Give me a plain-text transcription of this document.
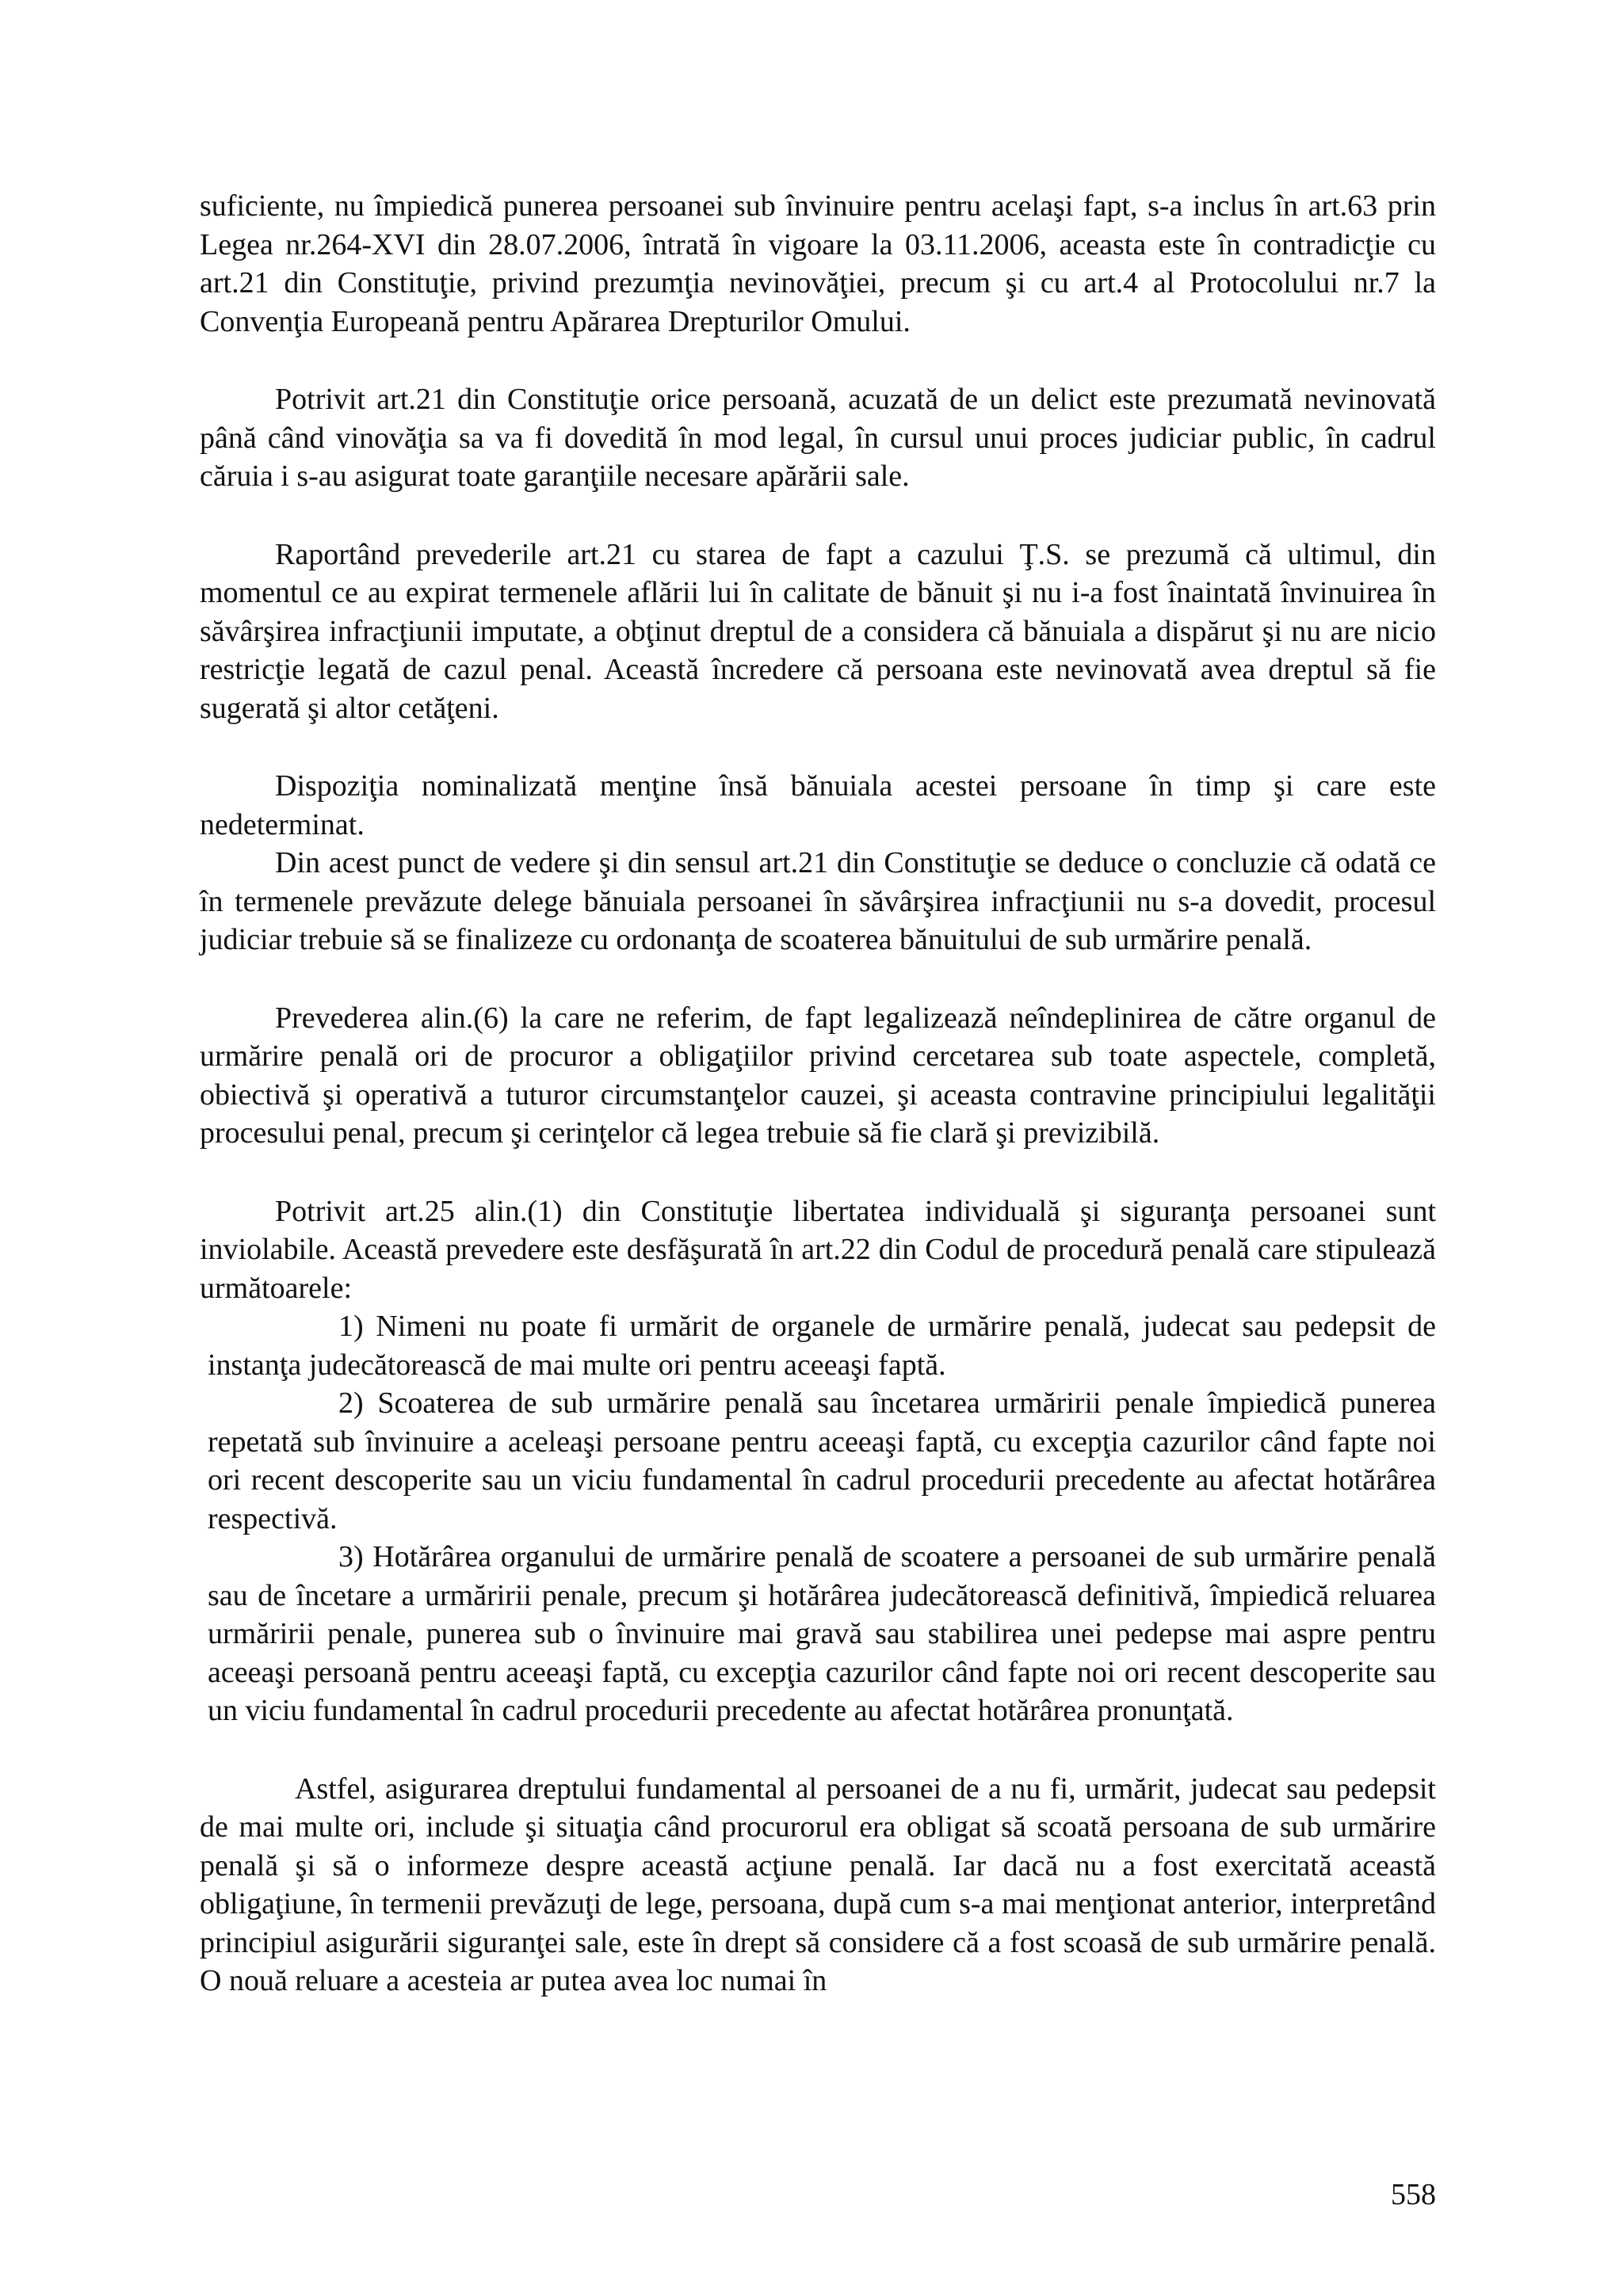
suficiente, nu împiedică punerea persoanei sub învinuire pentru acelaşi fapt, s-a inclus în art.63 prin Legea nr.264-XVI din 28.07.2006, întrată în vigoare la 03.11.2006, aceasta este în contradicţie cu art.21 din Constituţie, privind prezumţia nevinovăţiei, precum şi cu art.4 al Protocolului nr.7 la Convenţia Europeană pentru Apărarea Drepturilor Omului.

Potrivit art.21 din Constituţie orice persoană, acuzată de un delict este prezumată nevinovată până când vinovăţia sa va fi dovedită în mod legal, în cursul unui proces judiciar public, în cadrul căruia i s-au asigurat toate garanţiile necesare apărării sale.

Raportând prevederile art.21 cu starea de fapt a cazului Ţ.S. se prezumă că ultimul, din momentul ce au expirat termenele aflării lui în calitate de bănuit şi nu i-a fost înaintată învinuirea în săvârşirea infracţiunii imputate, a obţinut dreptul de a considera că bănuiala a dispărut şi nu are nicio restricţie legată de cazul penal. Această încredere că persoana este nevinovată avea dreptul să fie sugerată şi altor cetăţeni.

Dispoziţia nominalizată menţine însă bănuiala acestei persoane în timp şi care este nedeterminat.

Din acest punct de vedere şi din sensul art.21 din Constituţie se deduce o concluzie că odată ce în termenele prevăzute delege bănuiala persoanei în săvârşirea infracţiunii nu s-a dovedit, procesul judiciar trebuie să se finalizeze cu ordonanţa de scoaterea bănuitului de sub urmărire penală.

Prevederea alin.(6) la care ne referim, de fapt legalizează neîndeplinirea de către organul de urmărire penală ori de procuror a obligaţiilor privind cercetarea sub toate aspectele, completă, obiectivă şi operativă a tuturor circumstanţelor cauzei, şi aceasta contravine principiului legalităţii procesului penal, precum şi cerinţelor că legea trebuie să fie clară şi previzibilă.

Potrivit art.25 alin.(1) din Constituţie libertatea individuală şi siguranţa persoanei sunt inviolabile. Această prevedere este desfăşurată în art.22 din Codul de procedură penală care stipulează următoarele:

1) Nimeni nu poate fi urmărit de organele de urmărire penală, judecat sau pedepsit de instanţa judecătorească de mai multe ori pentru aceeaşi faptă.

2) Scoaterea de sub urmărire penală sau încetarea urmăririi penale împiedică punerea repetată sub învinuire a aceleaşi persoane pentru aceeaşi faptă, cu excepţia cazurilor când fapte noi ori recent descoperite sau un viciu fundamental în cadrul procedurii precedente au afectat hotărârea respectivă.

3) Hotărârea organului de urmărire penală de scoatere a persoanei de sub urmărire penală sau de încetare a urmăririi penale, precum şi hotărârea judecătorească definitivă, împiedică reluarea urmăririi penale, punerea sub o învinuire mai gravă sau stabilirea unei pedepse mai aspre pentru aceeaşi persoană pentru aceeaşi faptă, cu excepţia cazurilor când fapte noi ori recent descoperite sau un viciu fundamental în cadrul procedurii precedente au afectat hotărârea pronunţată.

Astfel, asigurarea dreptului fundamental al persoanei de a nu fi, urmărit, judecat sau pedepsit de mai multe ori, include şi situaţia când procurorul era obligat să scoată persoana de sub urmărire penală şi să o informeze despre această acţiune penală. Iar dacă nu a fost exercitată această obligaţiune, în termenii prevăzuţi de lege, persoana, după cum s-a mai menţionat anterior, interpretând principiul asigurării siguranţei sale, este în drept să considere că a fost scoasă de sub urmărire penală. O nouă reluare a acesteia ar putea avea loc numai în

558
